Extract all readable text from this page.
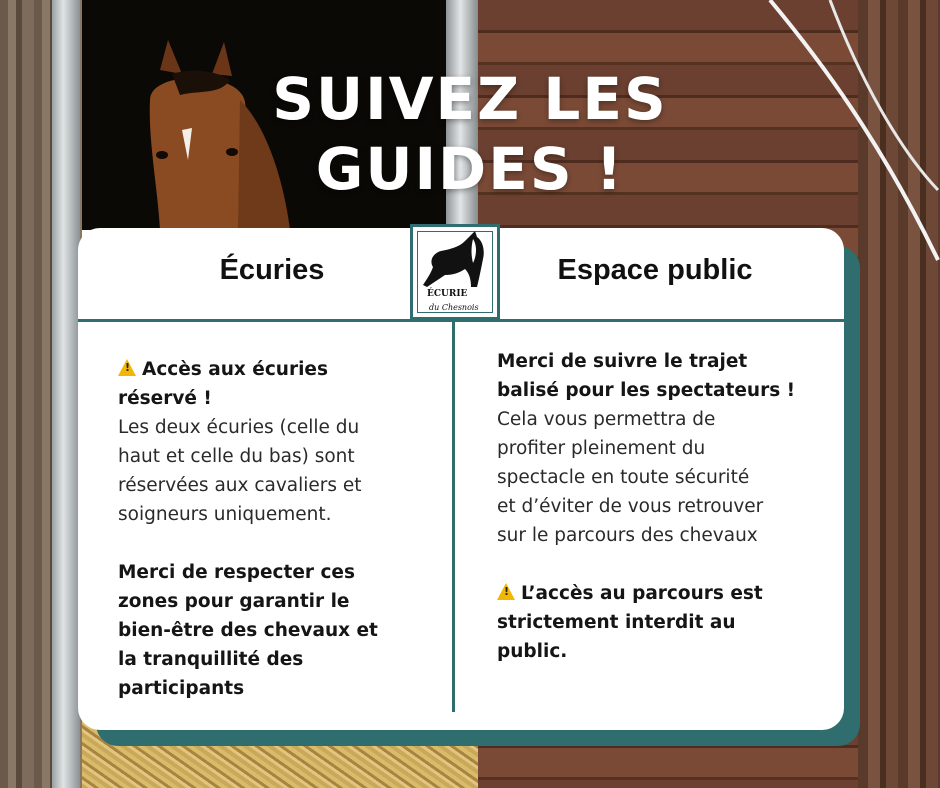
SUIVEZ LES
GUIDES !
Écuries	Espace public

!Accès aux écuries

réservé !

Les deux écuries (celle du

haut et celle du bas) sont

réservées aux cavaliers et

soigneurs uniquement.

Merci de respecter ces

zones pour garantir le

bien-être des chevaux et

la tranquillité des

participants

Merci de suivre le trajet

balisé pour les spectateurs !

Cela vous permettra de

profiter pleinement du

spectacle en toute sécurité

et d’éviter de vous retrouver

sur le parcours des chevaux

!L’accès au parcours est

strictement interdit au

public.

ÉCURIE
du Chesnois
